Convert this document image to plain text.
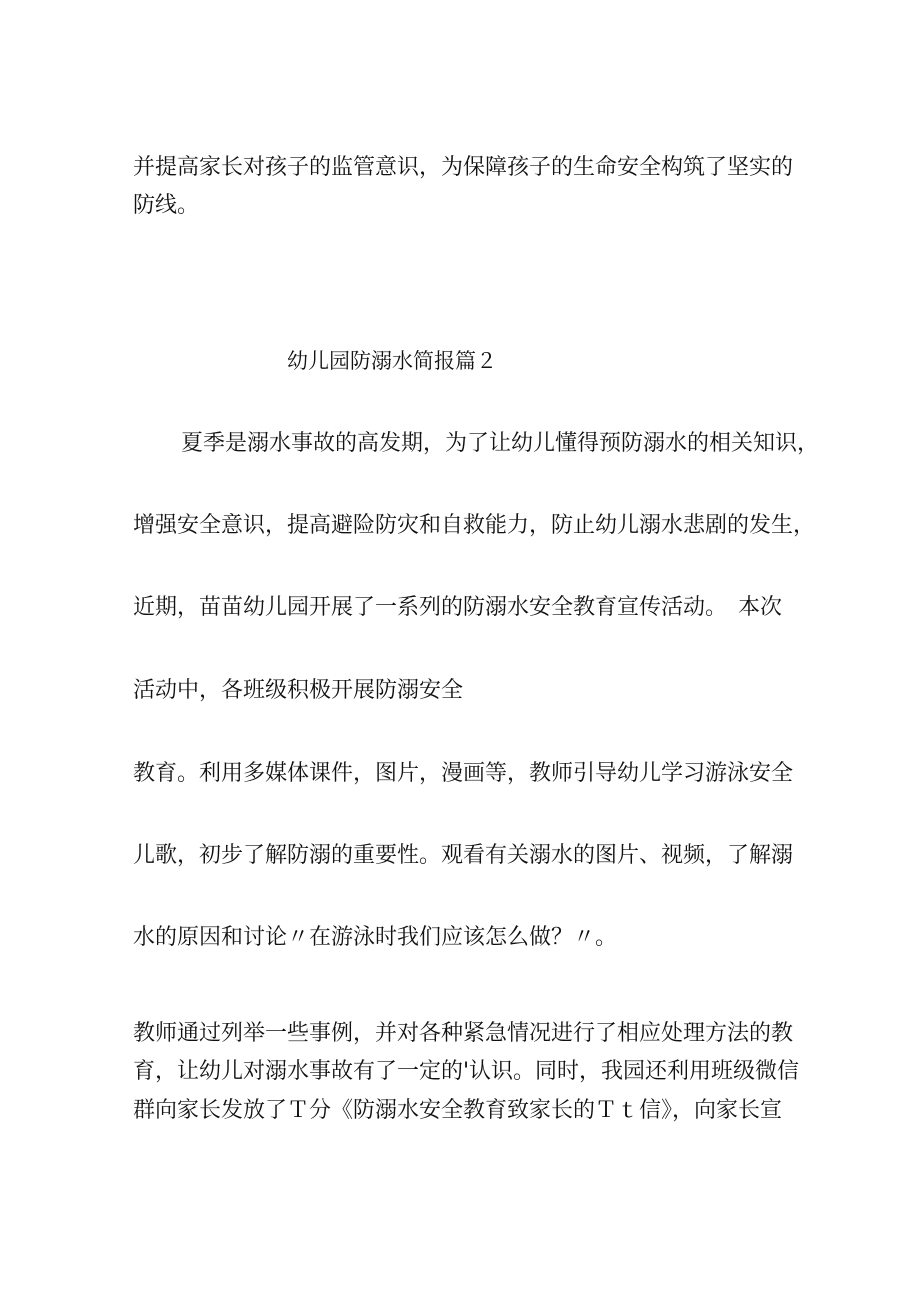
并提高家长对孩子的监管意识，为保障孩子的生命安全构筑了坚实的
防线。
幼儿园防溺水简报篇２
夏季是溺水事故的高发期，为了让幼儿懂得预防溺水的相关知识，
增强安全意识，提高避险防灾和自救能力，防止幼儿溺水悲剧的发生，
近期，苗苗幼儿园开展了一系列的防溺水安全教育宣传活动。　本次
活动中，各班级积极开展防溺安全
教育。利用多媒体课件，图片，漫画等，教师引导幼儿学习游泳安全
儿歌，初步了解防溺的重要性。观看有关溺水的图片、视频，了解溺
水的原因和讨论〃在游泳时我们应该怎么做？〃。
教师通过列举一些事例，并对各种紧急情况进行了相应处理方法的教
育，让幼儿对溺水事故有了一定的'认识。同时，我园还利用班级微信
群向家长发放了Ｔ分《防溺水安全教育致家长的Ｔｔ信》，向家长宣
